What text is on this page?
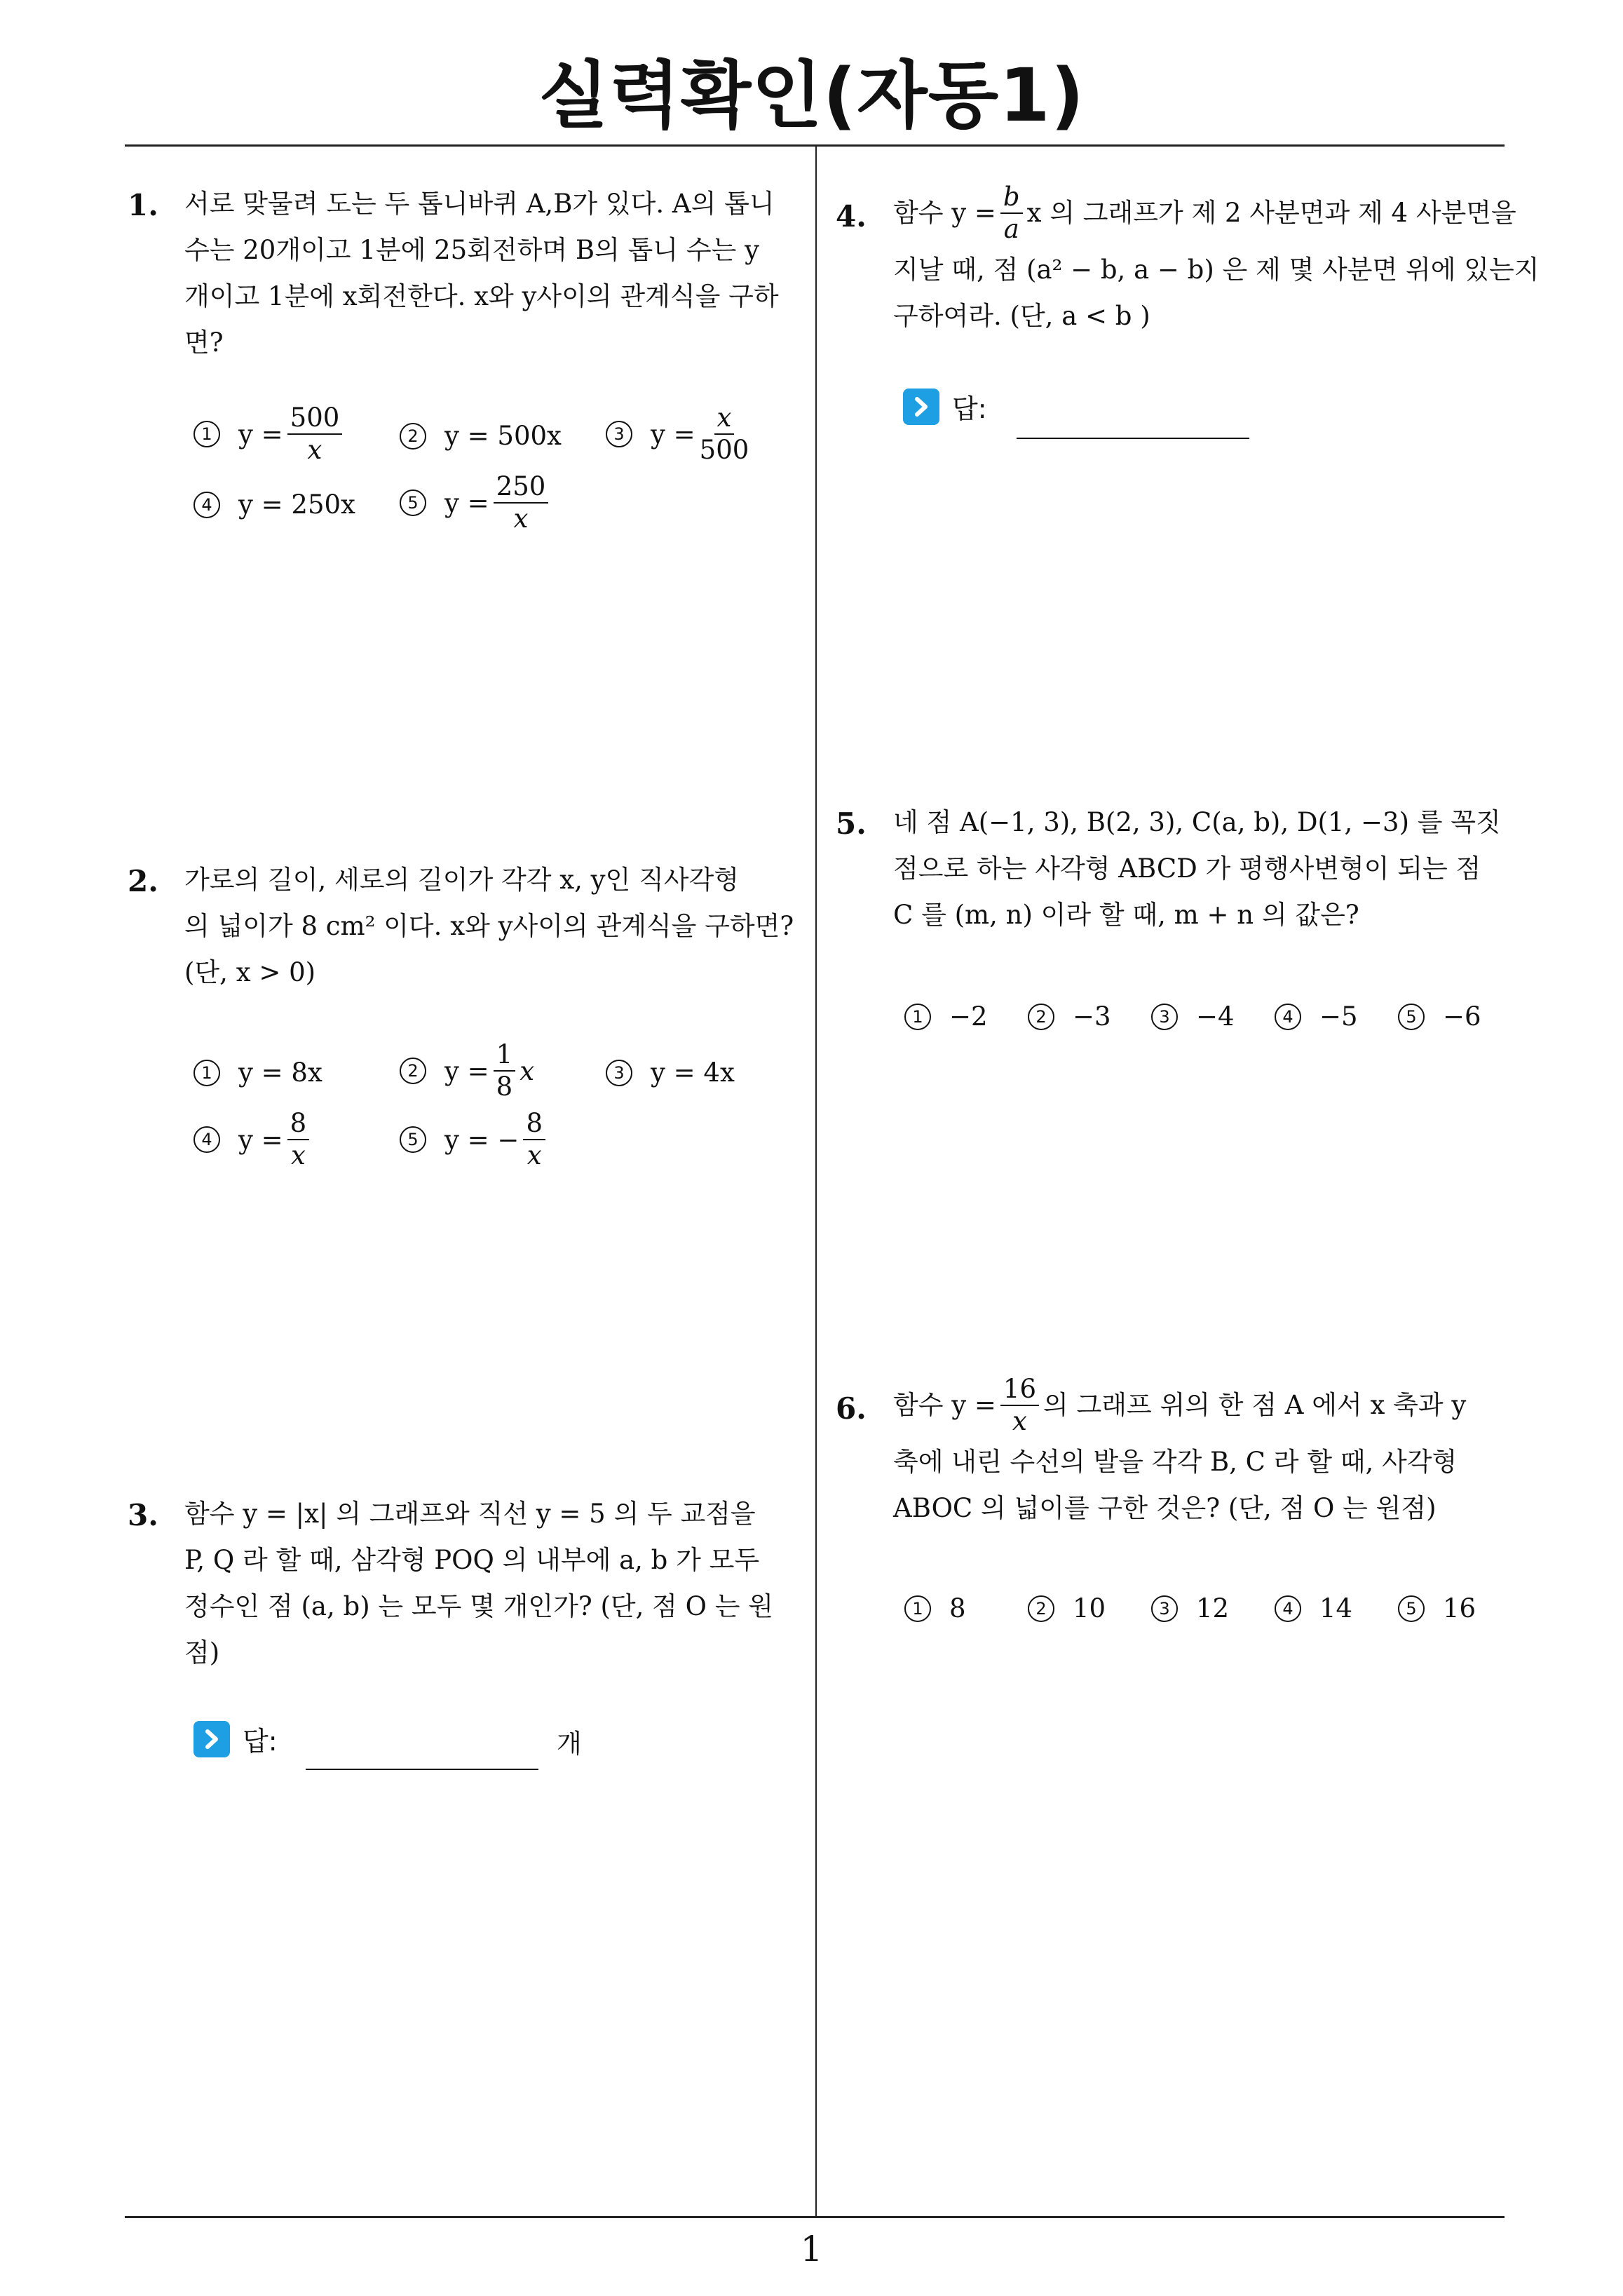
실력확인(자동1)
1. 서로 맞물려 도는 두 톱니바퀴 A,B가 있다. A의 톱니
수는 20개이고 1분에 25회전하며 B의 톱니 수는 y
개이고 1분에 x회전한다. x와 y사이의 관계식을 구하
면?
1	$y = \frac{500}{x}$	2	y = 500x	3	$y = \frac{x}{500}$
4	y = 250x	5	$y = \frac{250}{x}$
2. 가로의 길이, 세로의 길이가 각각 x, y인 직사각형
의 넓이가 8 cm² 이다. x와 y사이의 관계식을 구하면?
(단, x > 0)
1	y = 8x	2	$y = \frac{1}{8}$ x	3	y = 4x
4	$y = \frac{8}{x}$	5	y = − $\frac{8}{x}$
3. 함수 y = |x| 의 그래프와 직선 y = 5 의 두 교점을
P, Q 라 할 때, 삼각형 POQ 의 내부에 a, b 가 모두
정수인 점 (a, b) 는 모두 몇 개인가? (단, 점 O 는 원
점)
답:	개
4. 함수 $y = \frac{b}{a}$ x 의 그래프가 제 2 사분면과 제 4 사분면을
지날 때, 점 (a² − b, a − b) 은 제 몇 사분면 위에 있는지
구하여라. (단, a < b )
답:
5. 네 점 A(−1, 3), B(2, 3), C(a, b), D(1, −3) 를 꼭짓
점으로 하는 사각형 ABCD 가 평행사변형이 되는 점
C 를 (m, n) 이라 할 때, m + n 의 값은?
1	−2	2	−3	3	−4	4	−5	5	−6
6. 함수 $y = \frac{16}{x}$ 의 그래프 위의 한 점 A 에서 x 축과 y
축에 내린 수선의 발을 각각 B, C 라 할 때, 사각형
ABOC 의 넓이를 구한 것은? (단, 점 O 는 원점)
1	8	2	10	3	12	4	14	5	16
1
